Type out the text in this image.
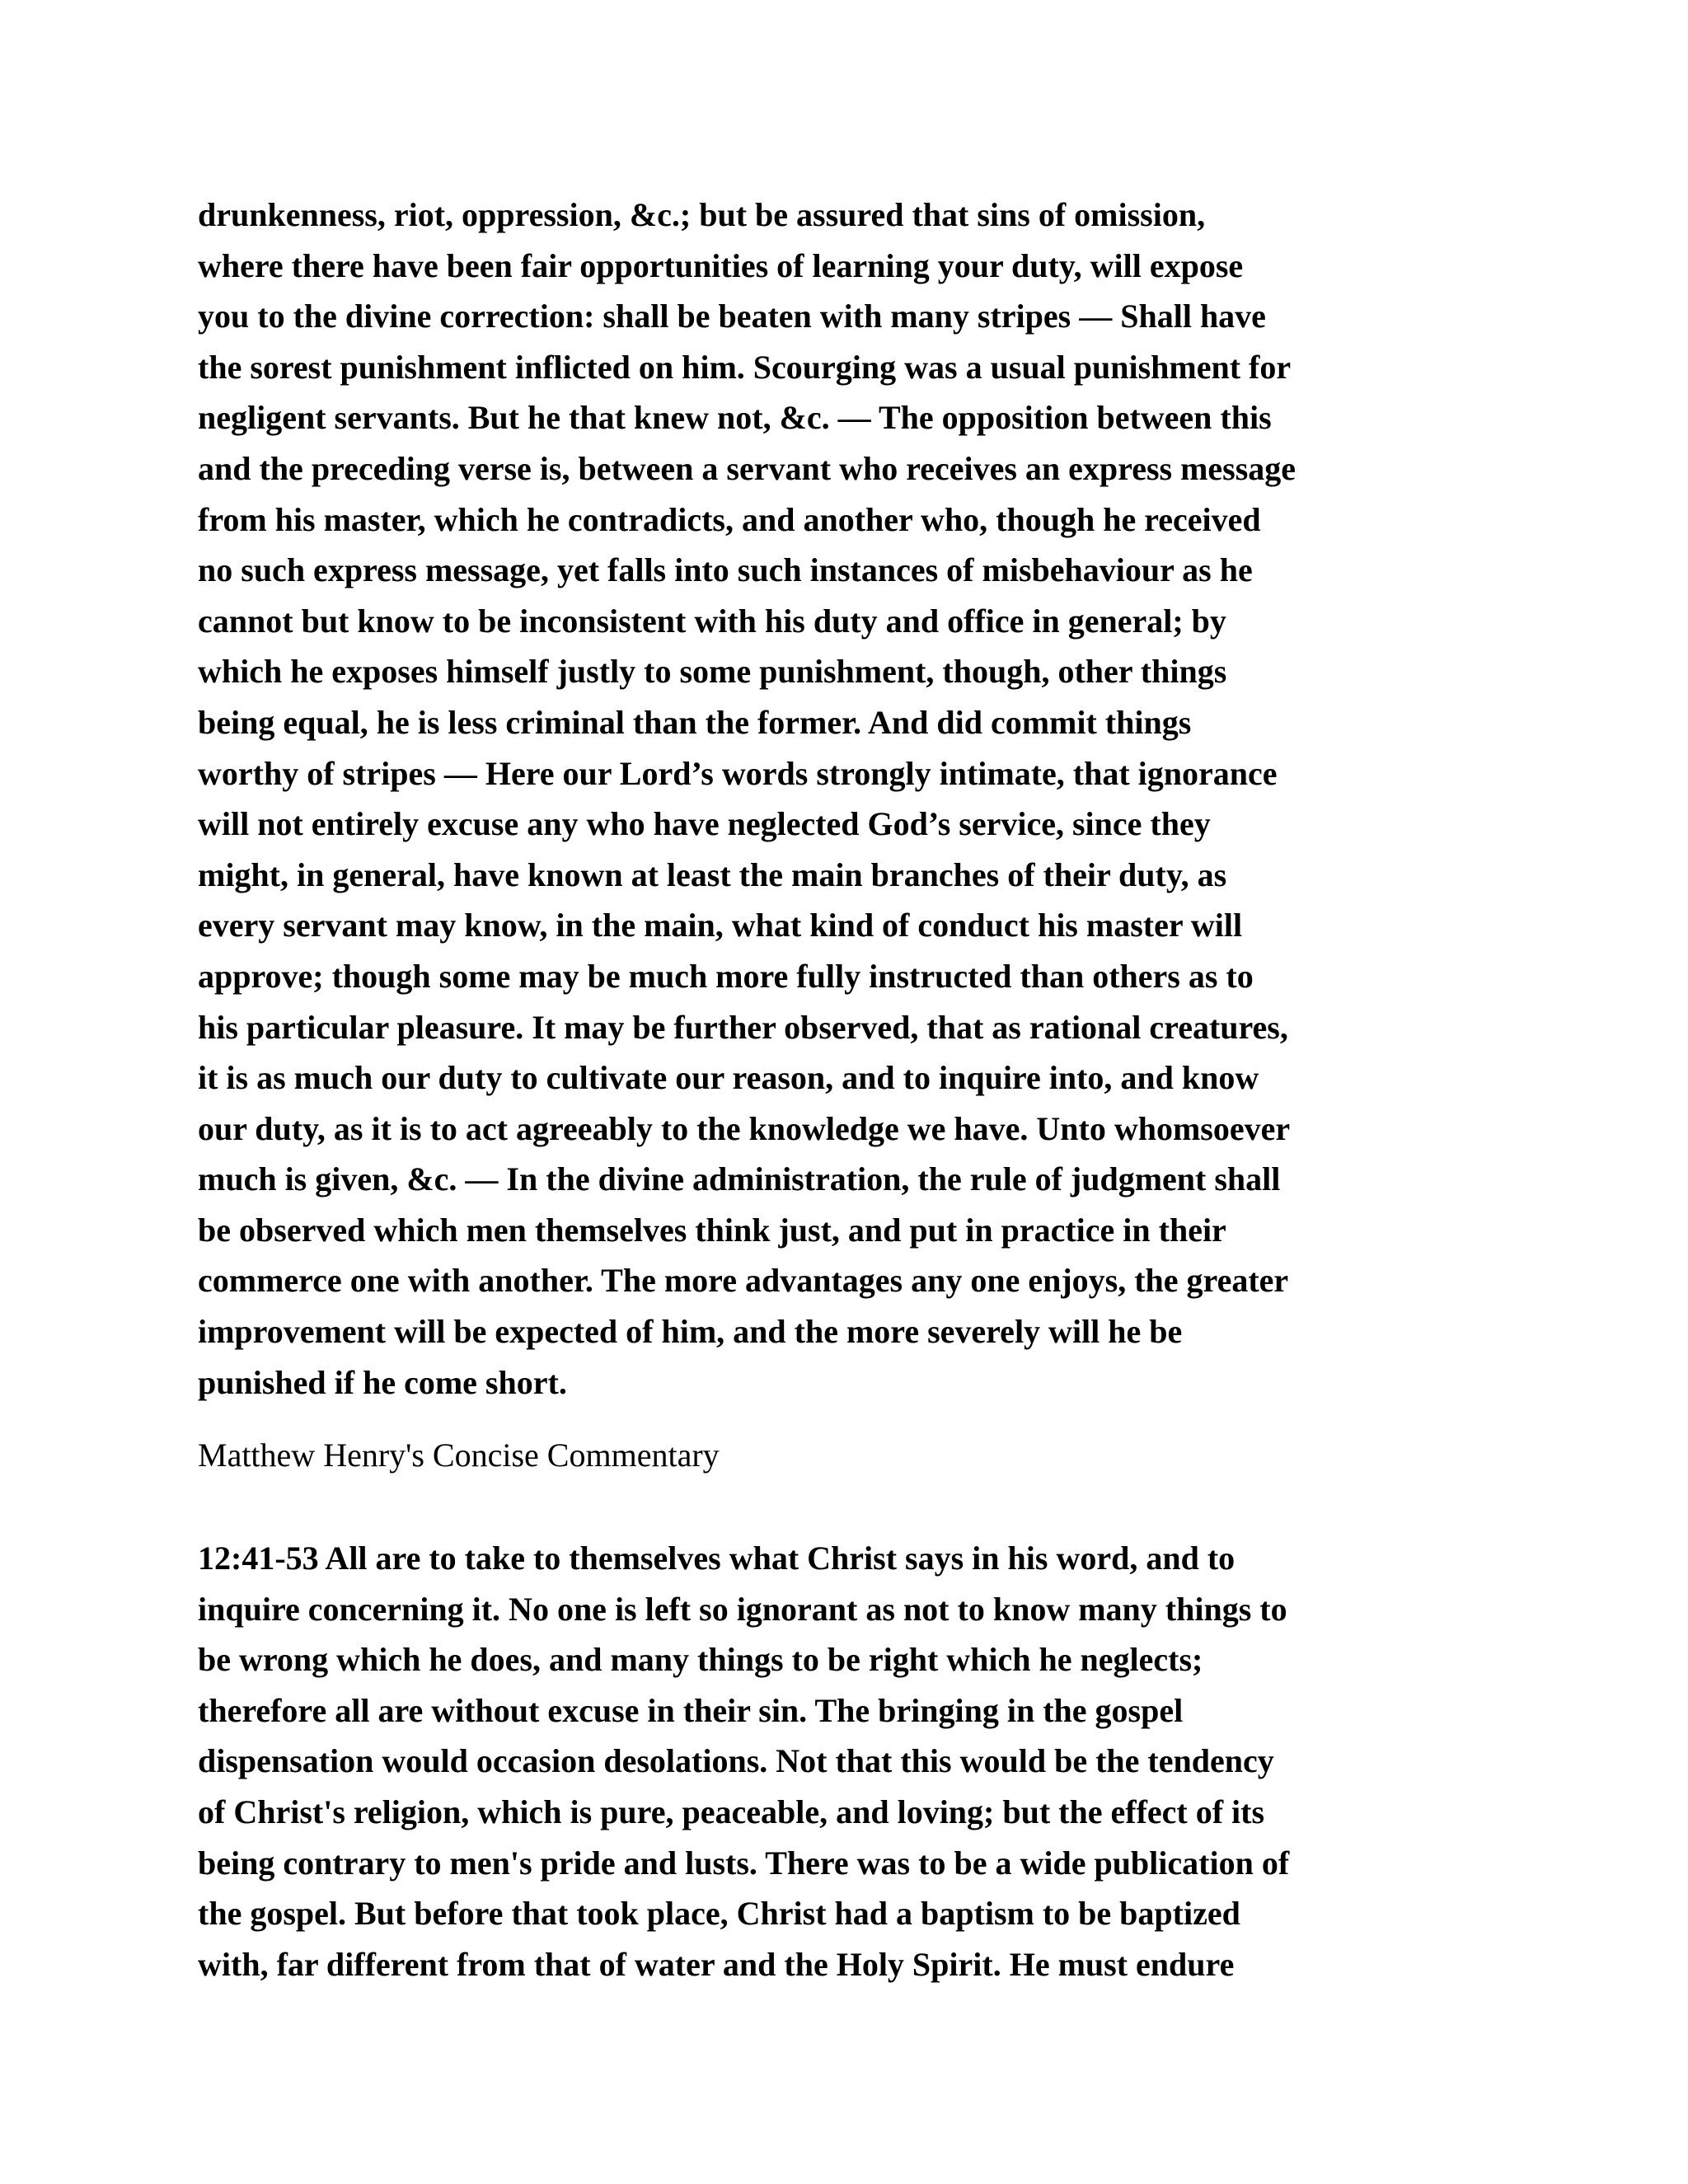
drunkenness, riot, oppression, &c.; but be assured that sins of omission,
where there have been fair opportunities of learning your duty, will expose
you to the divine correction: shall be beaten with many stripes — Shall have
the sorest punishment inflicted on him. Scourging was a usual punishment for
negligent servants. But he that knew not, &c. — The opposition between this
and the preceding verse is, between a servant who receives an express message
from his master, which he contradicts, and another who, though he received
no such express message, yet falls into such instances of misbehaviour as he
cannot but know to be inconsistent with his duty and office in general; by
which he exposes himself justly to some punishment, though, other things
being equal, he is less criminal than the former. And did commit things
worthy of stripes — Here our Lord’s words strongly intimate, that ignorance
will not entirely excuse any who have neglected God’s service, since they
might, in general, have known at least the main branches of their duty, as
every servant may know, in the main, what kind of conduct his master will
approve; though some may be much more fully instructed than others as to
his particular pleasure. It may be further observed, that as rational creatures,
it is as much our duty to cultivate our reason, and to inquire into, and know
our duty, as it is to act agreeably to the knowledge we have. Unto whomsoever
much is given, &c. — In the divine administration, the rule of judgment shall
be observed which men themselves think just, and put in practice in their
commerce one with another. The more advantages any one enjoys, the greater
improvement will be expected of him, and the more severely will he be
punished if he come short.
Matthew Henry's Concise Commentary
12:41-53 All are to take to themselves what Christ says in his word, and to
inquire concerning it. No one is left so ignorant as not to know many things to
be wrong which he does, and many things to be right which he neglects;
therefore all are without excuse in their sin. The bringing in the gospel
dispensation would occasion desolations. Not that this would be the tendency
of Christ's religion, which is pure, peaceable, and loving; but the effect of its
being contrary to men's pride and lusts. There was to be a wide publication of
the gospel. But before that took place, Christ had a baptism to be baptized
with, far different from that of water and the Holy Spirit. He must endure
